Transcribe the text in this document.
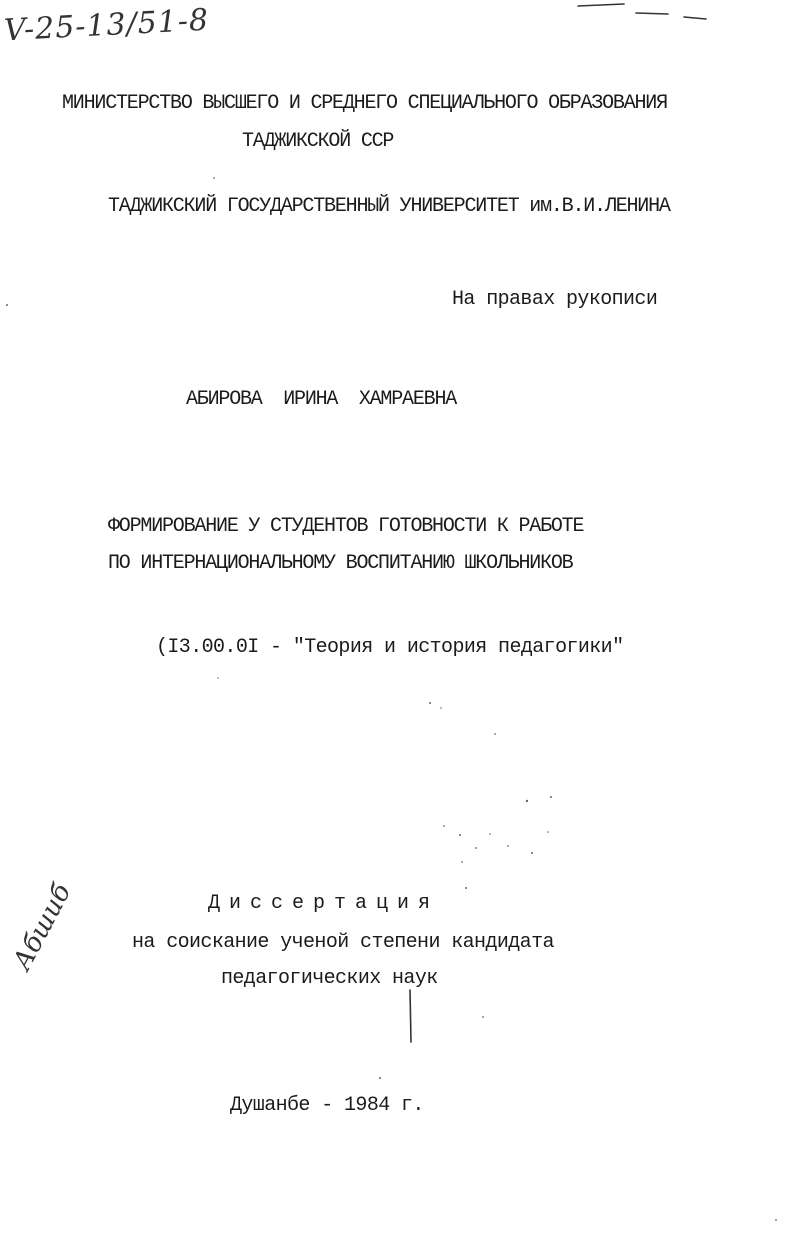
V-25-13/51-8
МИНИСТЕРСТВО ВЫСШЕГО И СРЕДНЕГО СПЕЦИАЛЬНОГО ОБРАЗОВАНИЯ
ТАДЖИКСКОЙ ССР
ТАДЖИКСКИЙ ГОСУДАРСТВЕННЫЙ УНИВЕРСИТЕТ им.В.И.ЛЕНИНА
На правах рукописи
АБИРОВА  ИРИНА  ХАМРАЕВНА
ФОРМИРОВАНИЕ У СТУДЕНТОВ ГОТОВНОСТИ К РАБОТЕ
ПО ИНТЕРНАЦИОНАЛЬНОМУ ВОСПИТАНИЮ ШКОЛЬНИКОВ
(I3.00.0I - "Теория и история педагогики"
Диссертация
на соискание ученой степени кандидата
педагогических наук
Абшиб
Душанбе - 1984 г.
